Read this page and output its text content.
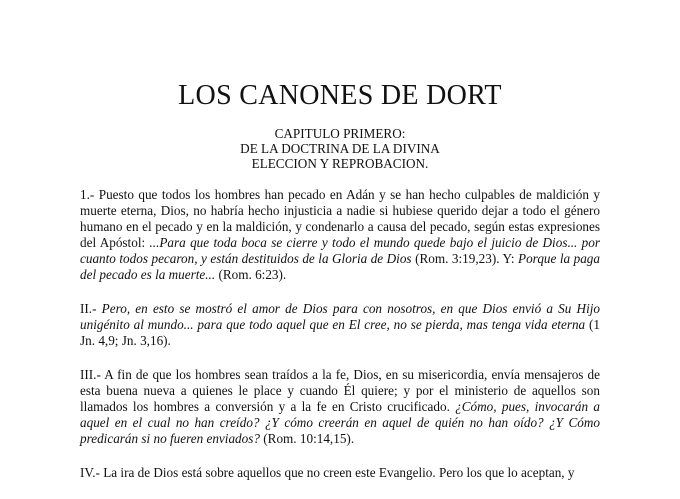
LOS CANONES DE DORT
CAPITULO PRIMERO:
DE LA DOCTRINA DE LA DIVINA
ELECCION Y REPROBACION.

1.- Puesto que todos los hombres han pecado en Adán y se han hecho culpables de maldición y muerte eterna, Dios, no habría hecho injusticia a nadie si hubiese querido dejar a todo el género humano en el pecado y en la maldición, y condenarlo a causa del pecado, según estas expresiones del Apóstol: ...Para que toda boca se cierre y todo el mundo quede bajo el juicio de Dios... por cuanto todos pecaron, y están destituidos de la Gloria de Dios (Rom. 3:19,23). Y: Porque la paga del pecado es la muerte... (Rom. 6:23).

II.- Pero, en esto se mostró el amor de Dios para con nosotros, en que Dios envió a Su Hijo unigénito al mundo... para que todo aquel que en El cree, no se pierda, mas tenga vida eterna (1 Jn. 4,9; Jn. 3,16).

III.- A fin de que los hombres sean traídos a la fe, Dios, en su misericordia, envía mensajeros de esta buena nueva a quienes le place y cuando Él quiere; y por el ministerio de aquellos son llamados los hombres a conversión y a la fe en Cristo crucificado. ¿Cómo, pues, invocarán a aquel en el cual no han creído? ¿Y cómo creerán en aquel de quién no han oído? ¿Y Cómo predicarán si no fueren enviados? (Rom. 10:14,15).

IV.- La ira de Dios está sobre aquellos que no creen este Evangelio. Pero los que lo aceptan, y
